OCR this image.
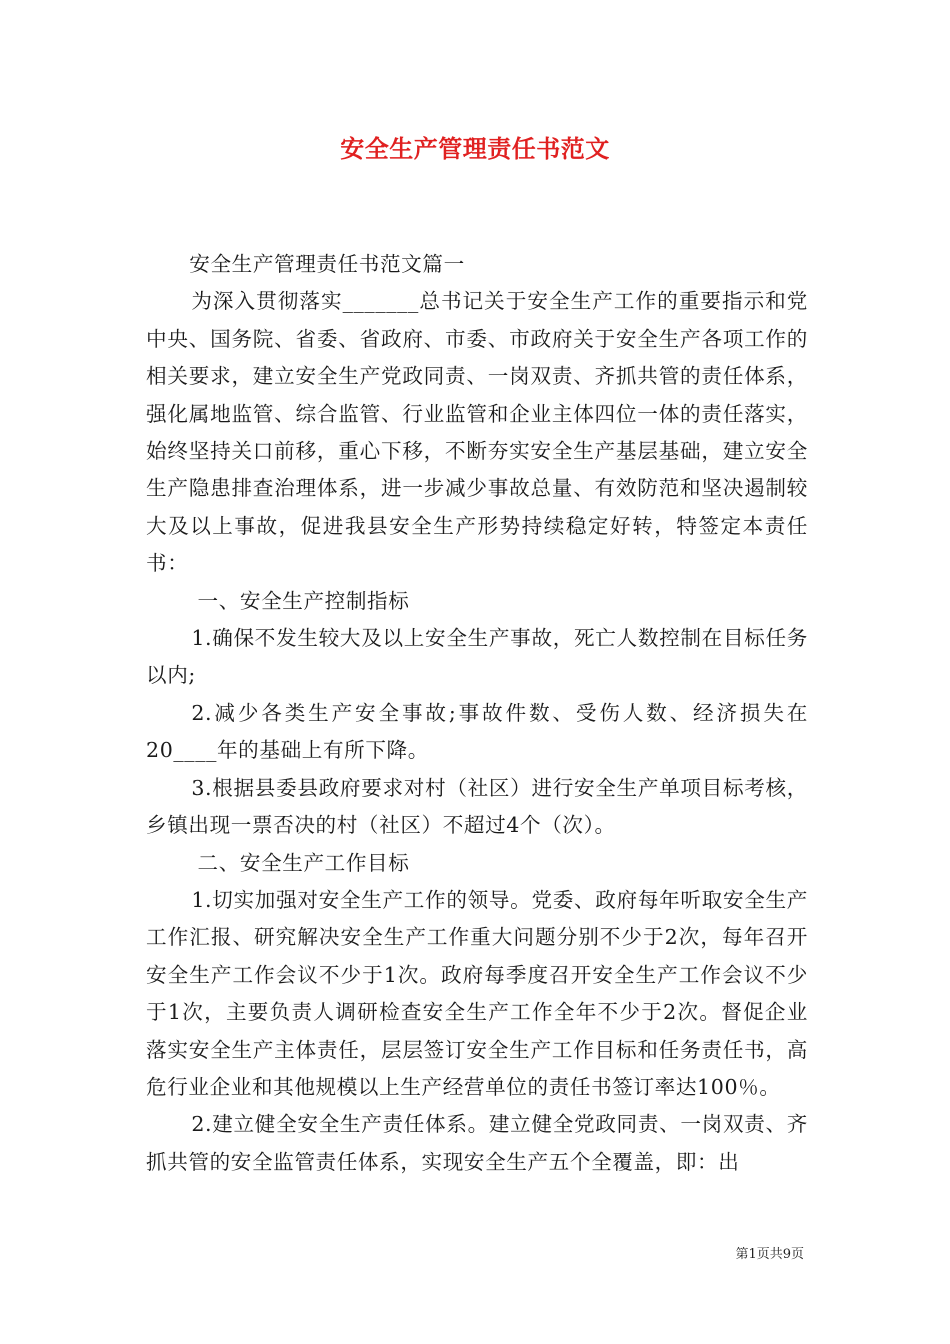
安全生产管理责任书范文

安全生产管理责任书范文篇一

为深入贯彻落实_______总书记关于安全生产工作的重要指示和党中央、国务院、省委、省政府、市委、市政府关于安全生产各项工作的相关要求，建立安全生产党政同责、一岗双责、齐抓共管的责任体系，强化属地监管、综合监管、行业监管和企业主体四位一体的责任落实，始终坚持关口前移，重心下移，不断夯实安全生产基层基础，建立安全生产隐患排查治理体系，进一步减少事故总量、有效防范和坚决遏制较大及以上事故，促进我县安全生产形势持续稳定好转，特签定本责任书：

一、安全生产控制指标

1.确保不发生较大及以上安全生产事故，死亡人数控制在目标任务以内;

2.减少各类生产安全事故;事故件数、受伤人数、经济损失在20____年的基础上有所下降。

3.根据县委县政府要求对村（社区）进行安全生产单项目标考核，乡镇出现一票否决的村（社区）不超过4个（次）。

二、安全生产工作目标

1.切实加强对安全生产工作的领导。党委、政府每年听取安全生产工作汇报、研究解决安全生产工作重大问题分别不少于2次，每年召开安全生产工作会议不少于1次。政府每季度召开安全生产工作会议不少于1次，主要负责人调研检查安全生产工作全年不少于2次。督促企业落实安全生产主体责任，层层签订安全生产工作目标和任务责任书，高危行业企业和其他规模以上生产经营单位的责任书签订率达100％。

2.建立健全安全生产责任体系。建立健全党政同责、一岗双责、齐抓共管的安全监管责任体系，实现安全生产五个全覆盖，即：出

第1页共9页
